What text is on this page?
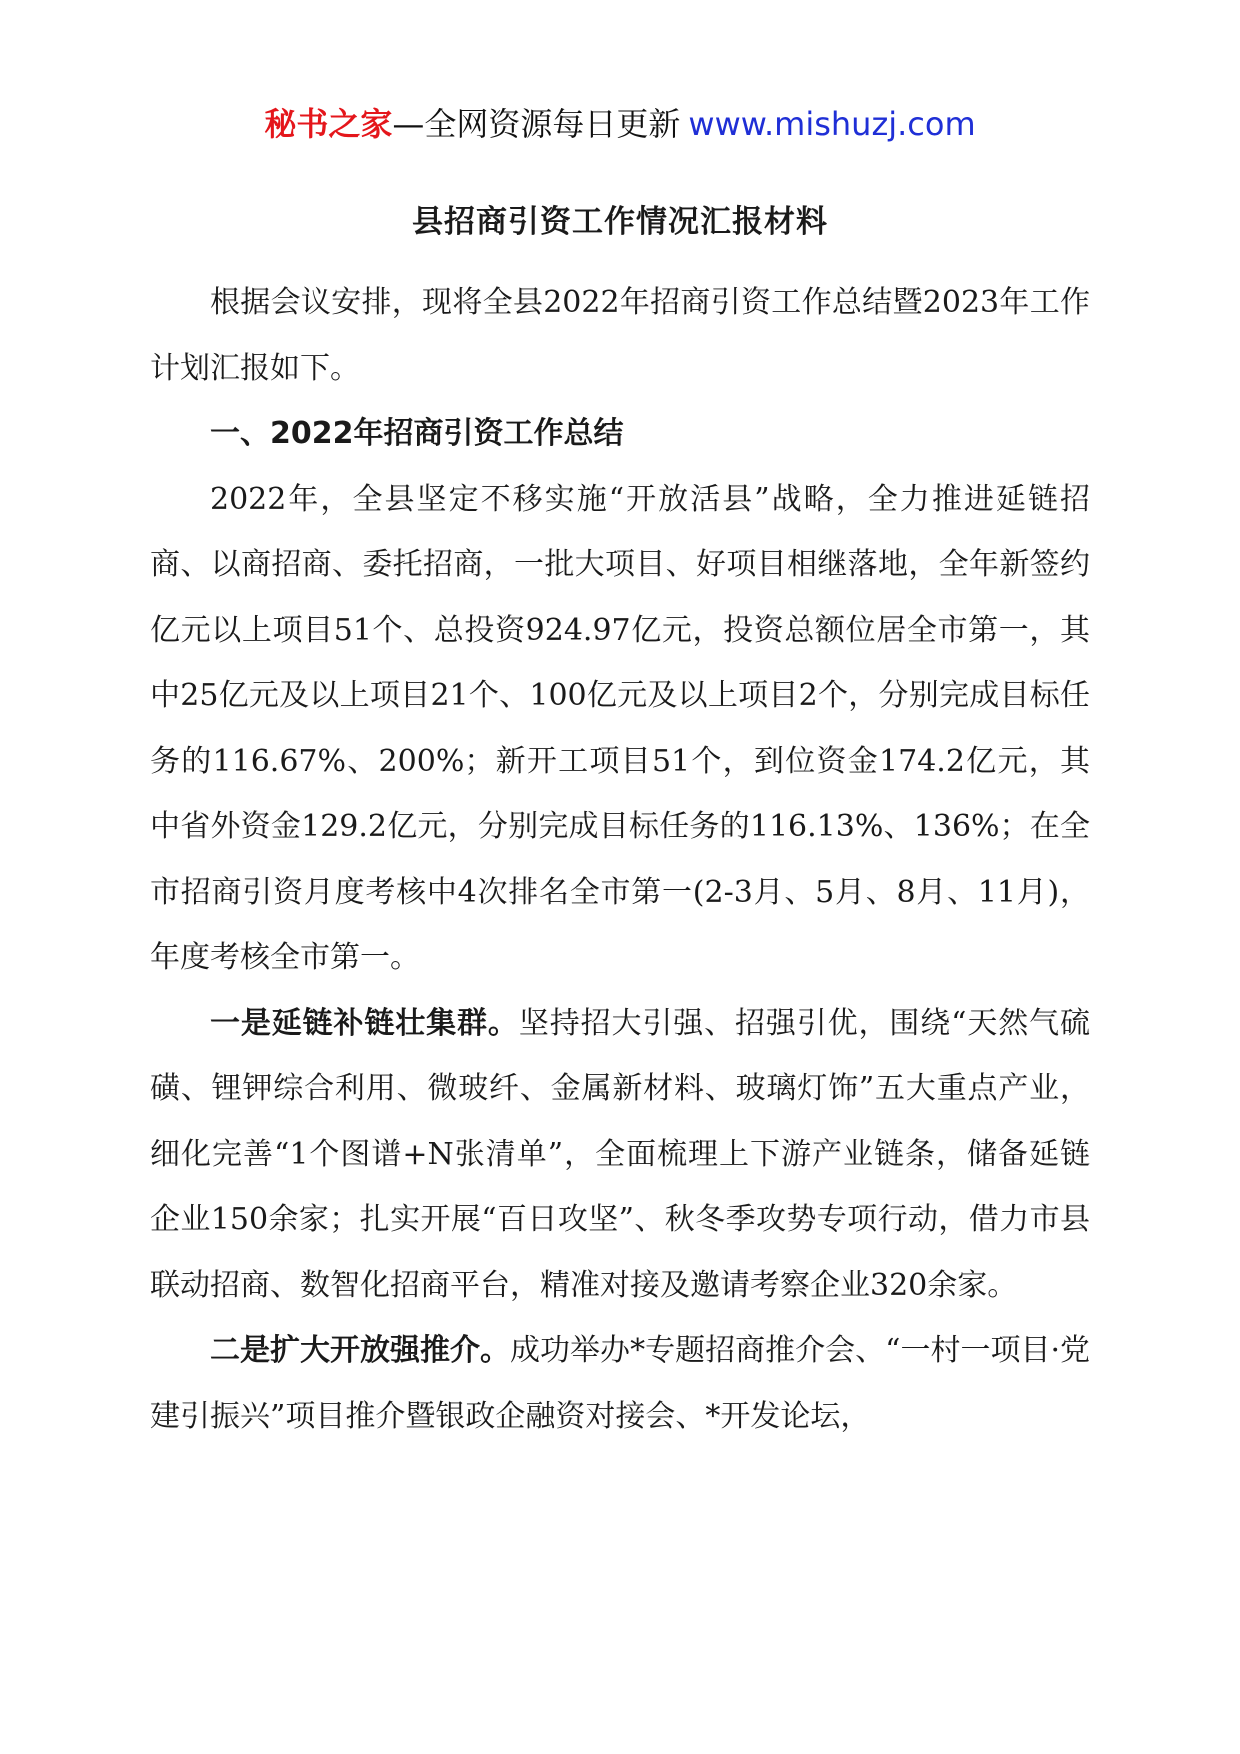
秘书之家—全网资源每日更新 www.mishuzj.com
县招商引资工作情况汇报材料

根据会议安排，现将全县2022年招商引资工作总结暨2023年工作计划汇报如下。

一、2022年招商引资工作总结

2022年，全县坚定不移实施“开放活县”战略，全力推进延链招商、以商招商、委托招商，一批大项目、好项目相继落地，全年新签约亿元以上项目51个、总投资924.97亿元，投资总额位居全市第一，其中25亿元及以上项目21个、100亿元及以上项目2个，分别完成目标任务的116.67%、200%；新开工项目51个，到位资金174.2亿元，其中省外资金129.2亿元，分别完成目标任务的116.13%、136%；在全市招商引资月度考核中4次排名全市第一(2-3月、5月、8月、11月)，年度考核全市第一。

一是延链补链壮集群。坚持招大引强、招强引优，围绕“天然气硫磺、锂钾综合利用、微玻纤、金属新材料、玻璃灯饰”五大重点产业，细化完善“1个图谱+N张清单”，全面梳理上下游产业链条，储备延链企业150余家；扎实开展“百日攻坚”、秋冬季攻势专项行动，借力市县联动招商、数智化招商平台，精准对接及邀请考察企业320余家。

二是扩大开放强推介。成功举办*专题招商推介会、“一村一项目·党建引振兴”项目推介暨银政企融资对接会、*开发论坛，
